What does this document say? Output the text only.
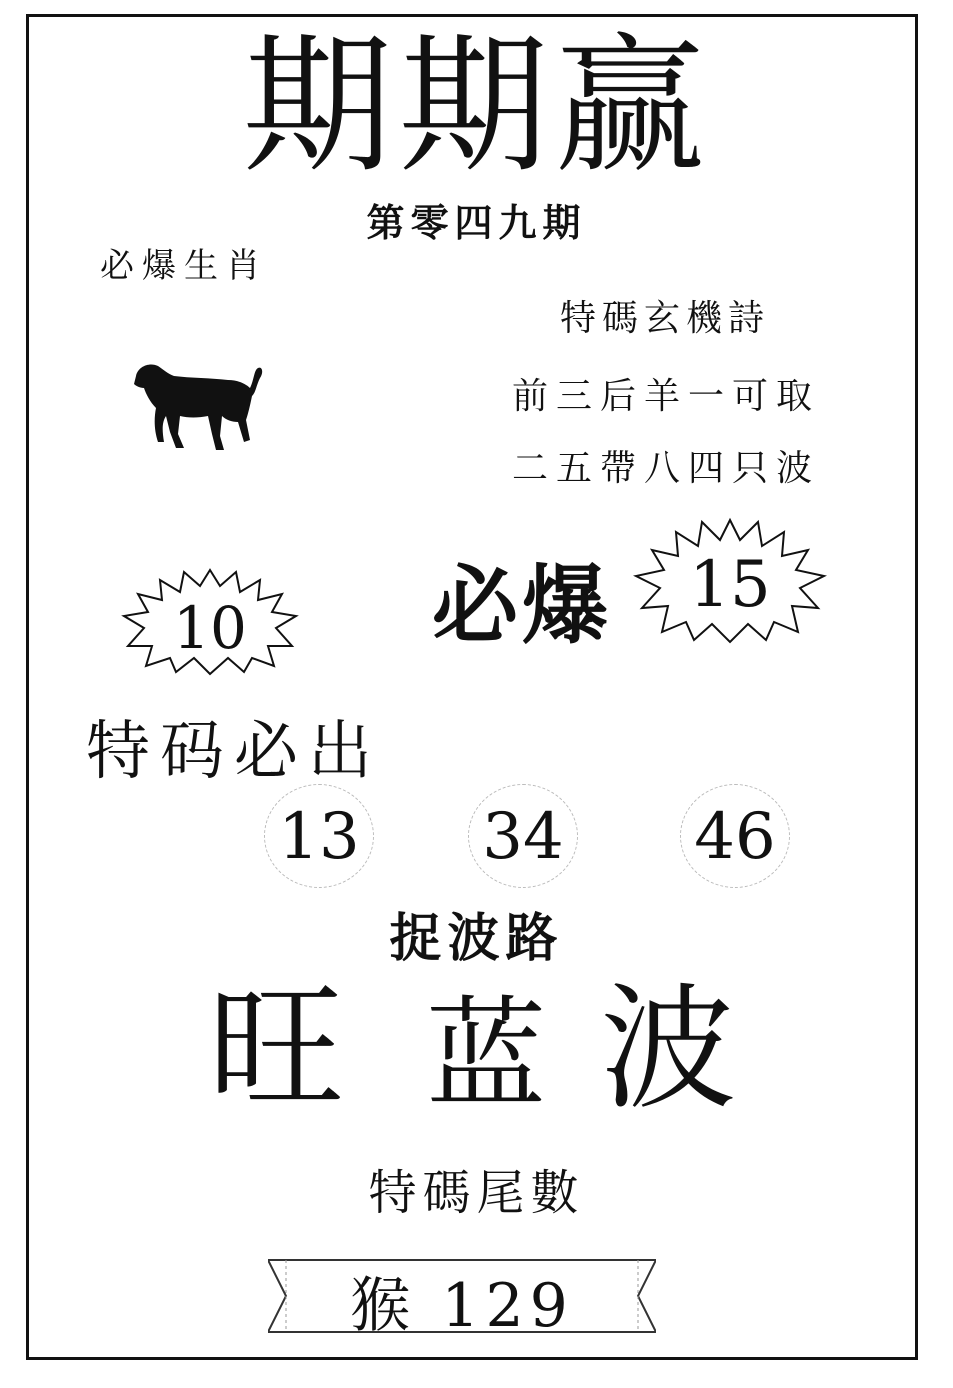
期期赢
第零四九期
必爆生肖
特碼玄機詩
前三后羊一可取
二五帶八四只波
10	必爆	15
特码必出
13 34 46
捉波路
旺 蓝 波
特碼尾數
猴 129
